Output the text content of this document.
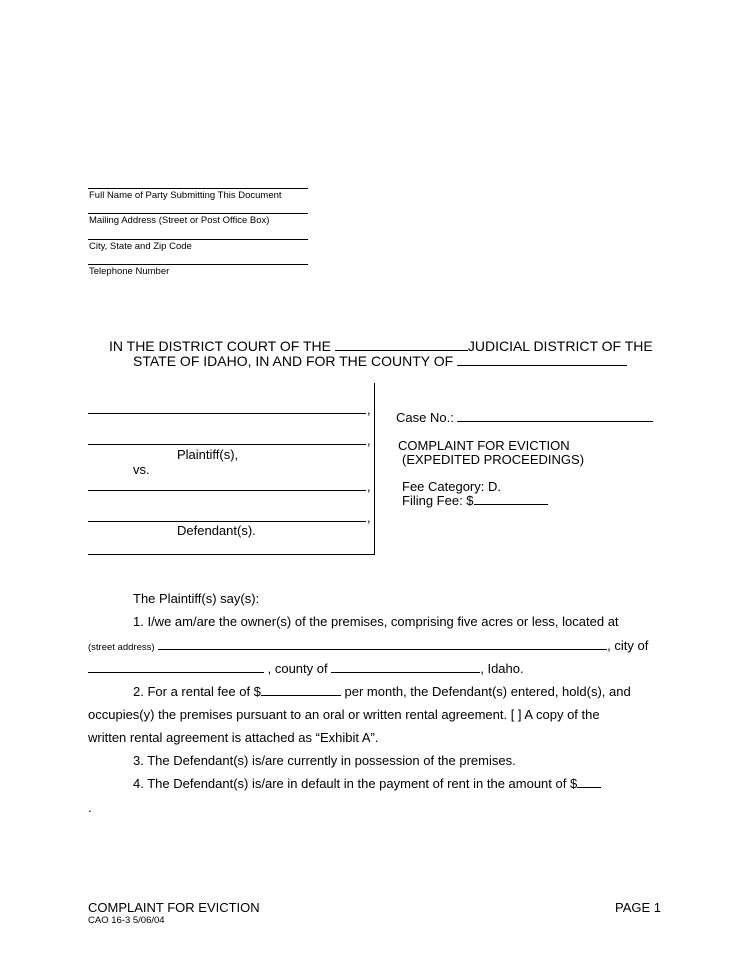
Full Name of Party Submitting This Document
Mailing Address (Street or Post Office Box)
City, State and Zip Code
Telephone Number
IN THE DISTRICT COURT OF THE	JUDICIAL DISTRICT OF THE
STATE OF IDAHO, IN AND FOR THE COUNTY OF
,
,
Plaintiff(s),
vs.
,
,
Defendant(s).
Case No.:
COMPLAINT FOR EVICTION
(EXPEDITED PROCEEDINGS)
Fee Category: D.
Filing Fee: $
The Plaintiff(s) say(s):
1. I/we am/are the owner(s) of the premises, comprising five acres or less, located at
(street address)	, city of
, county of	, Idaho.
2. For a rental fee of $	per month, the Defendant(s) entered, hold(s), and
occupies(y) the premises pursuant to an oral or written rental agreement. [ ] A copy of the
written rental agreement is attached as “Exhibit A”.
3. The Defendant(s) is/are currently in possession of the premises.
4. The Defendant(s) is/are in default in the payment of rent in the amount of $
.
COMPLAINT FOR EVICTION
CAO 16-3 5/06/04
PAGE 1
